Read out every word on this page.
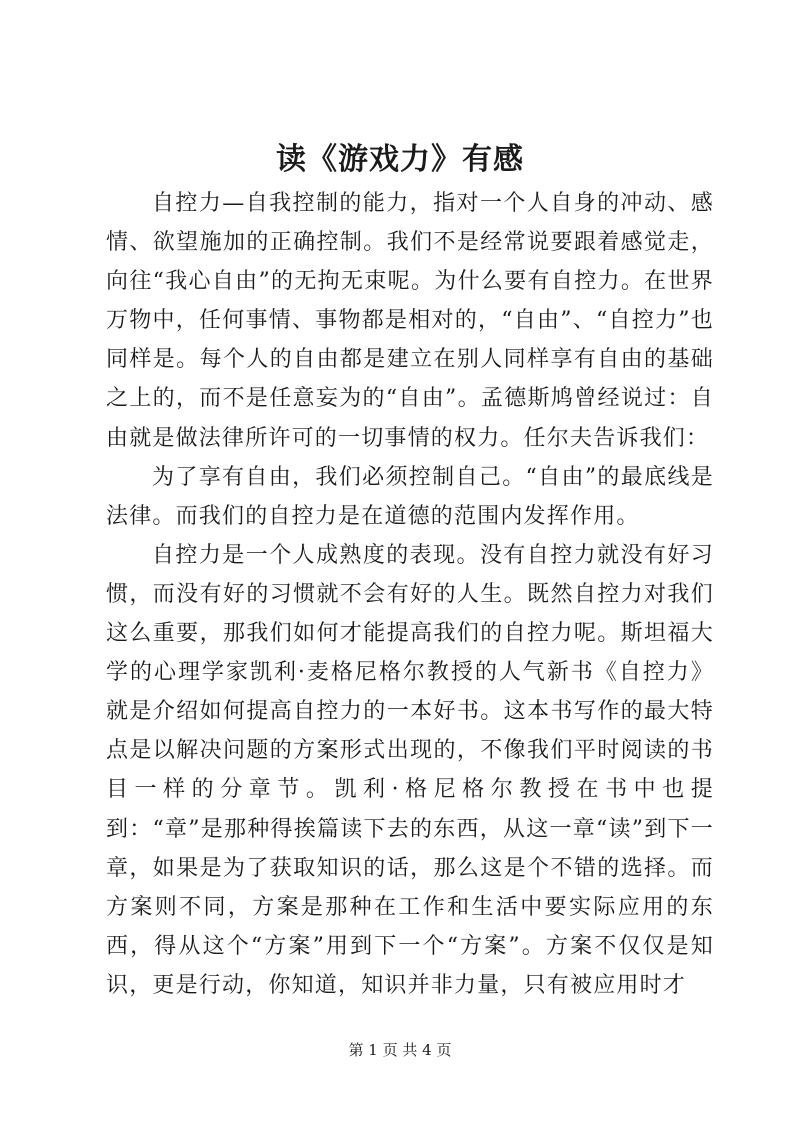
读《游戏力》有感

自控力—自我控制的能力，指对一个人自身的冲动、感情、欲望施加的正确控制。我们不是经常说要跟着感觉走，向往“我心自由”的无拘无束呢。为什么要有自控力。在世界万物中，任何事情、事物都是相对的，“自由”、“自控力”也同样是。每个人的自由都是建立在别人同样享有自由的基础之上的，而不是任意妄为的“自由”。孟德斯鸠曾经说过：自由就是做法律所许可的一切事情的权力。任尔夫告诉我们：

为了享有自由，我们必须控制自己。“自由”的最底线是法律。而我们的自控力是在道德的范围内发挥作用。

自控力是一个人成熟度的表现。没有自控力就没有好习惯，而没有好的习惯就不会有好的人生。既然自控力对我们这么重要，那我们如何才能提高我们的自控力呢。斯坦福大学的心理学家凯利·麦格尼格尔教授的人气新书《自控力》就是介绍如何提高自控力的一本好书。这本书写作的最大特点是以解决问题的方案形式出现的，不像我们平时阅读的书目一样的分章节。凯利·格尼格尔教授在书中也提到：“章”是那种得挨篇读下去的东西，从这一章“读”到下一章，如果是为了获取知识的话，那么这是个不错的选择。而方案则不同，方案是那种在工作和生活中要实际应用的东西，得从这个“方案”用到下一个“方案”。方案不仅仅是知识，更是行动，你知道，知识并非力量，只有被应用时才

第 1 页 共 4 页
